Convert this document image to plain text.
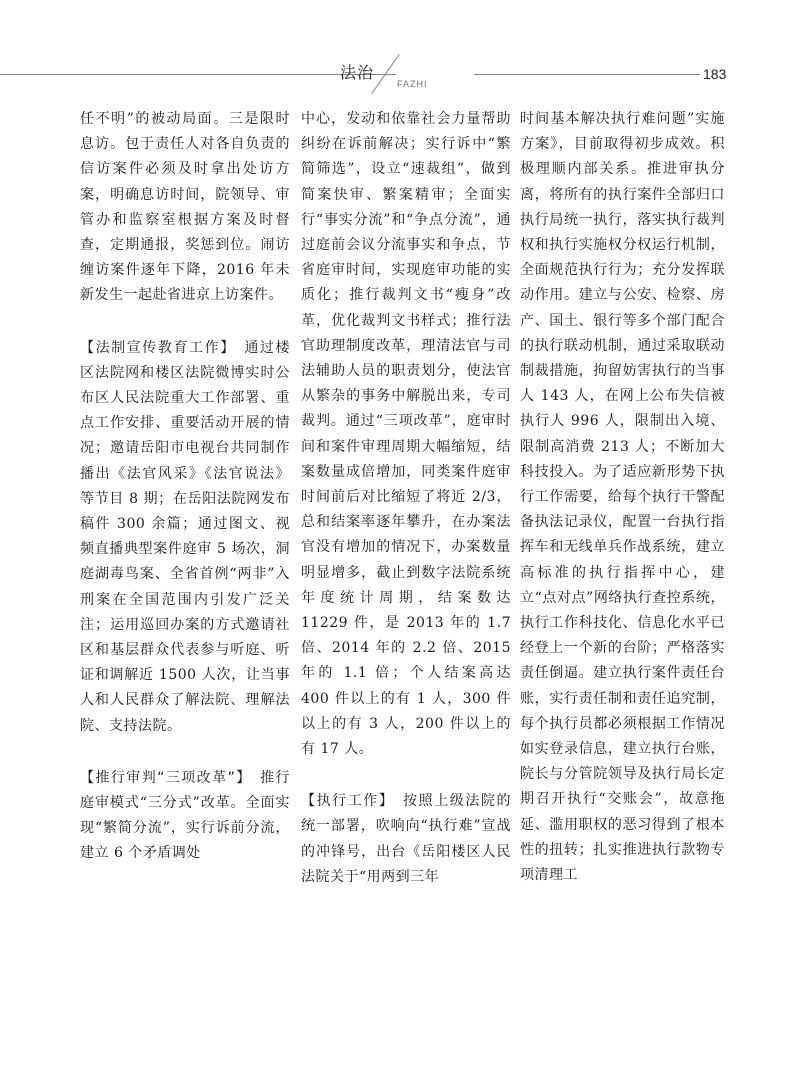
法治
FAZHI
183

任不明”的被动局面。三是限时息访。包于责任人对各自负责的信访案件必须及时拿出处访方案，明确息访时间，院领导、审管办和监察室根据方案及时督查，定期通报，奖惩到位。闹访缠访案件逐年下降，2016 年未新发生一起赴省进京上访案件。

【法制宣传教育工作】　 通过楼区法院网和楼区法院微博实时公布区人民法院重大工作部署、重点工作安排、重要活动开展的情况；邀请岳阳市电视台共同制作播出《法官风采》《法官说法》等节目 8 期；在岳阳法院网发布稿件 300 余篇；通过图文、视频直播典型案件庭审 5 场次，洞庭湖毒鸟案、全省首例“两非”入刑案在全国范围内引发广泛关注；运用巡回办案的方式邀请社区和基层群众代表参与听庭、听证和调解近 1500 人次，让当事人和人民群众了解法院、理解法院、支持法院。

【推行审判“三项改革”】　 推行庭审模式“三分式”改革。全面实现“繁简分流”，实行诉前分流，建立 6 个矛盾调处

中心，发动和依靠社会力量帮助纠纷在诉前解决；实行诉中“繁简筛选”，设立“速裁组”，做到简案快审、繁案精审；全面实行“事实分流”和“争点分流”，通过庭前会议分流事实和争点，节省庭审时间，实现庭审功能的实质化；推行裁判文书“瘦身”改革，优化裁判文书样式；推行法官助理制度改革，理清法官与司法辅助人员的职责划分，使法官从繁杂的事务中解脱出来，专司裁判。通过“三项改革”，庭审时间和案件审理周期大幅缩短，结案数量成倍增加，同类案件庭审时间前后对比缩短了将近 2/3，总和结案率逐年攀升，在办案法官没有增加的情况下，办案数量明显增多，截止到数字法院系统年度统计周期，结案数达 11229 件，是 2013 年的 1.7 倍、2014 年的 2.2 倍、2015 年的 1.1 倍；个人结案高达 400 件以上的有 1 人，300 件以上的有 3 人，200 件以上的有 17 人。

【执行工作】　 按照上级法院的统一部署，吹响向“执行难”宣战的冲锋号，出台《岳阳楼区人民法院关于“用两到三年

时间基本解决执行难问题”实施方案》，目前取得初步成效。积极理顺内部关系。推进审执分离，将所有的执行案件全部归口执行局统一执行，落实执行裁判权和执行实施权分权运行机制，全面规范执行行为；充分发挥联动作用。建立与公安、检察、房产、国土、银行等多个部门配合的执行联动机制，通过采取联动制裁措施，拘留妨害执行的当事人 143 人，在网上公布失信被执行人 996 人，限制出入境、限制高消费 213 人；不断加大科技投入。为了适应新形势下执行工作需要，给每个执行干警配备执法记录仪，配置一台执行指挥车和无线单兵作战系统，建立高标准的执行指挥中心，建立“点对点”网络执行查控系统，执行工作科技化、信息化水平已经登上一个新的台阶；严格落实责任倒逼。建立执行案件责任台账，实行责任制和责任追究制，每个执行员都必须根据工作情况如实登录信息，建立执行台账，院长与分管院领导及执行局长定期召开执行“交账会”，故意拖延、滥用职权的恶习得到了根本性的扭转；扎实推进执行款物专项清理工
